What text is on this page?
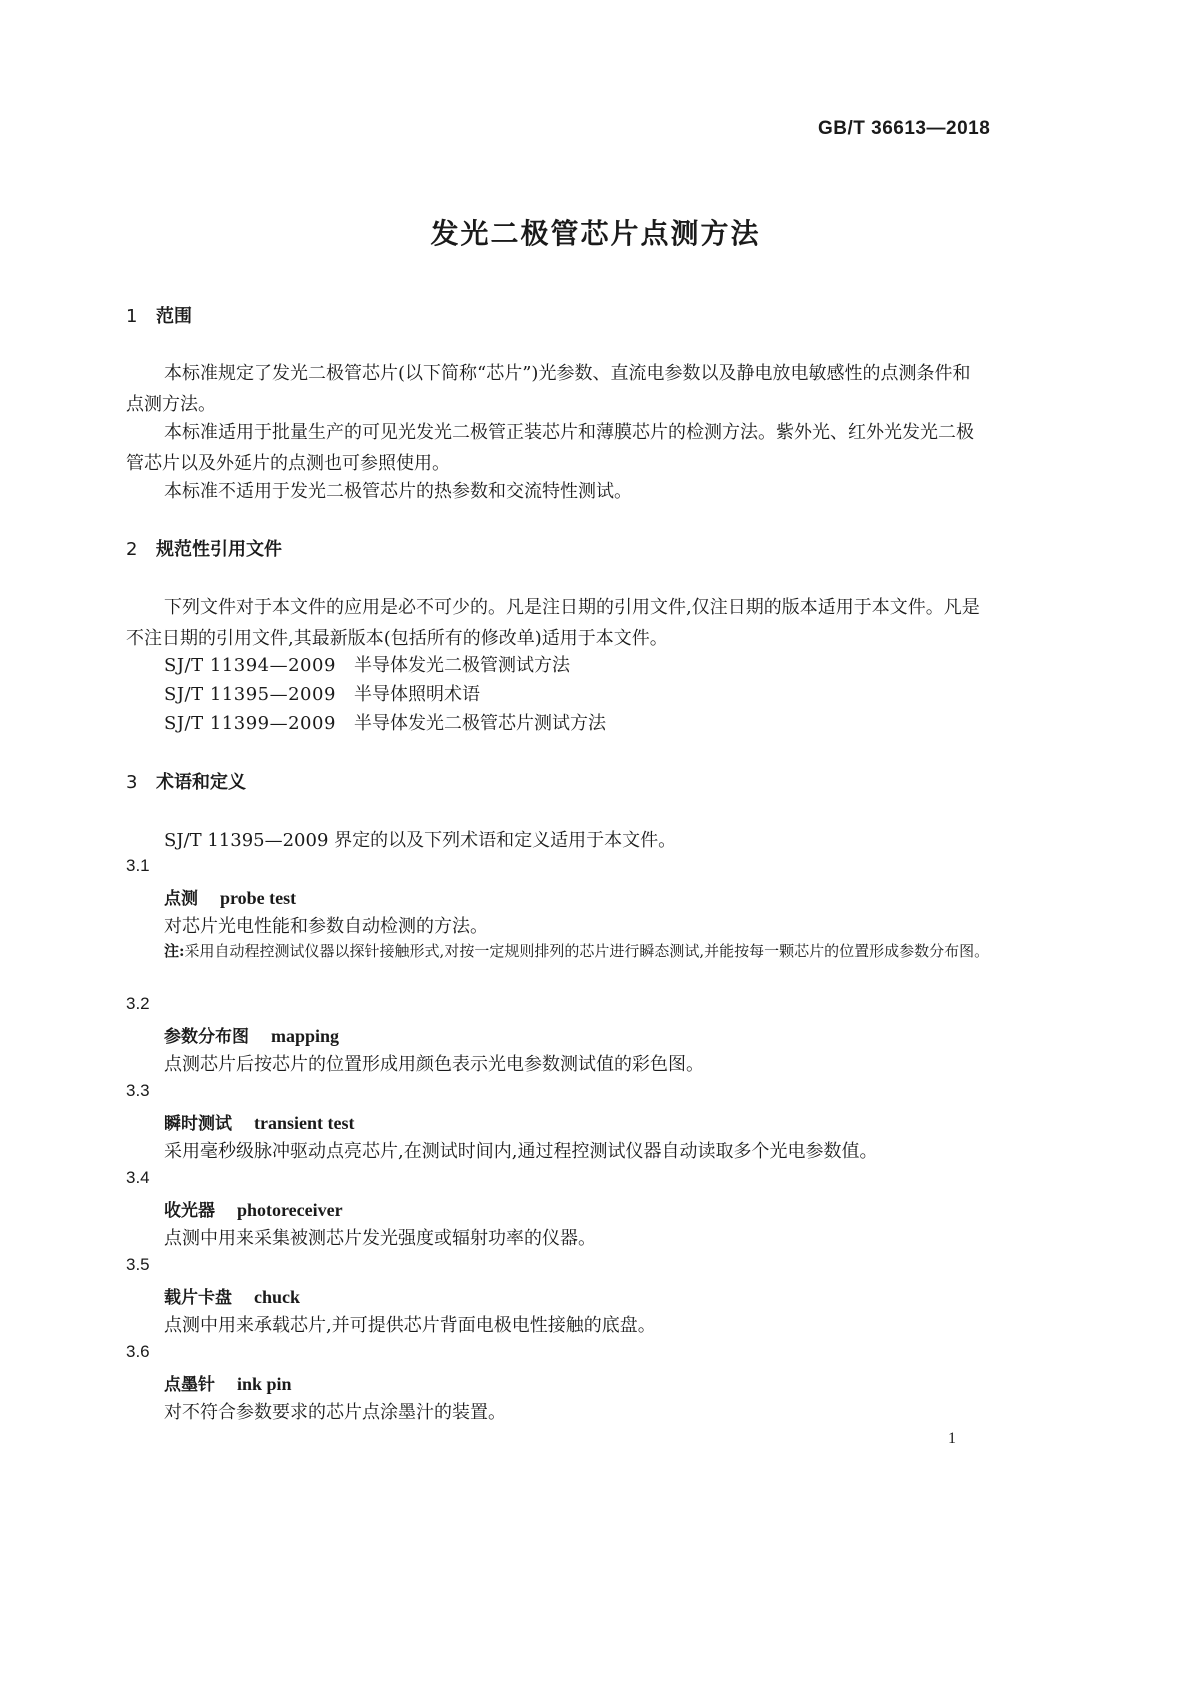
GB/T 36613—2018
发光二极管芯片点测方法
1 范围
本标准规定了发光二极管芯片(以下简称“芯片”)光参数、直流电参数以及静电放电敏感性的点测条件和点测方法。
本标准适用于批量生产的可见光发光二极管正装芯片和薄膜芯片的检测方法。紫外光、红外光发光二极管芯片以及外延片的点测也可参照使用。
本标准不适用于发光二极管芯片的热参数和交流特性测试。
2 规范性引用文件
下列文件对于本文件的应用是必不可少的。凡是注日期的引用文件,仅注日期的版本适用于本文件。凡是不注日期的引用文件,其最新版本(包括所有的修改单)适用于本文件。
SJ/T 11394—2009 半导体发光二极管测试方法
SJ/T 11395—2009 半导体照明术语
SJ/T 11399—2009 半导体发光二极管芯片测试方法
3 术语和定义
SJ/T 11395—2009 界定的以及下列术语和定义适用于本文件。
3.1
点测 probe test
对芯片光电性能和参数自动检测的方法。
注:采用自动程控测试仪器以探针接触形式,对按一定规则排列的芯片进行瞬态测试,并能按每一颗芯片的位置形成参数分布图。
3.2
参数分布图 mapping
点测芯片后按芯片的位置形成用颜色表示光电参数测试值的彩色图。
3.3
瞬时测试 transient test
采用毫秒级脉冲驱动点亮芯片,在测试时间内,通过程控测试仪器自动读取多个光电参数值。
3.4
收光器 photoreceiver
点测中用来采集被测芯片发光强度或辐射功率的仪器。
3.5
载片卡盘 chuck
点测中用来承载芯片,并可提供芯片背面电极电性接触的底盘。
3.6
点墨针 ink pin
对不符合参数要求的芯片点涂墨汁的装置。
1
